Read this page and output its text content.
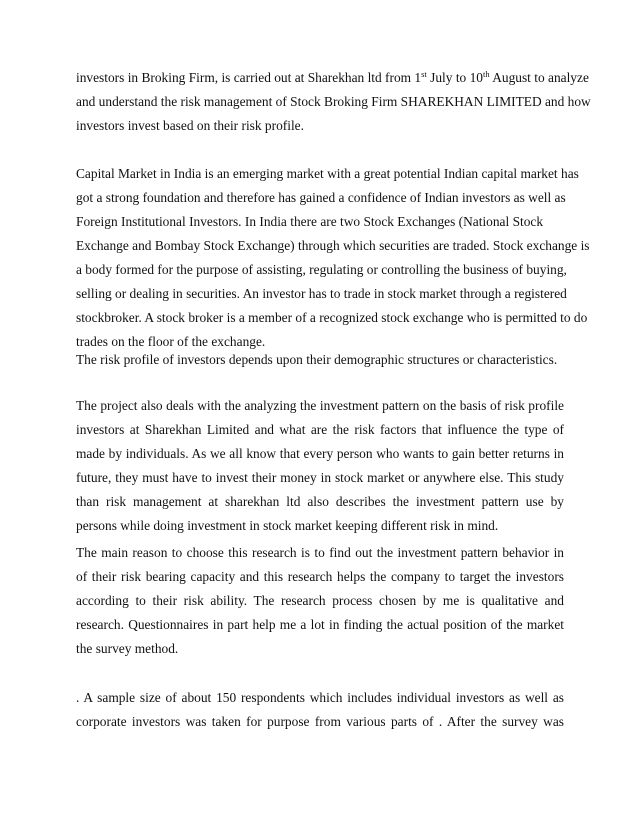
investors in Broking Firm, is carried out at Sharekhan ltd from 1st July to 10th August to analyze
and understand the risk management of Stock Broking Firm SHAREKHAN LIMITED and how
investors invest based on their risk profile.

Capital Market in India is an emerging market with a great potential Indian capital market has
got a strong foundation and therefore has gained a confidence of Indian investors as well as
Foreign Institutional Investors. In India there are two Stock Exchanges (National Stock
Exchange and Bombay Stock Exchange) through which securities are traded. Stock exchange is
a body formed for the purpose of assisting, regulating or controlling the business of buying,
selling or dealing in securities. An investor has to trade in stock market through a registered
stockbroker. A stock broker is a member of a recognized stock exchange who is permitted to do
trades on the floor of the exchange.

The risk profile of investors depends upon their demographic structures or characteristics.

The project also deals with the analyzing the investment pattern on the basis of risk profile
investors at Sharekhan Limited and what are the risk factors that influence the type of
made by individuals. As we all know that every person who wants to gain better returns in
future, they must have to invest their money in stock market or anywhere else. This study
than risk management at sharekhan ltd also describes the investment pattern use by
persons while doing investment in stock market keeping different risk in mind.

The main reason to choose this research is to find out the investment pattern behavior in
of their risk bearing capacity and this research helps the company to target the investors
according to their risk ability. The research process chosen by me is qualitative and
research. Questionnaires in part help me a lot in finding the actual position of the market
the survey method.

. A sample size of about 150 respondents which includes individual investors as well as
corporate investors was taken for purpose from various parts of . After the survey was
